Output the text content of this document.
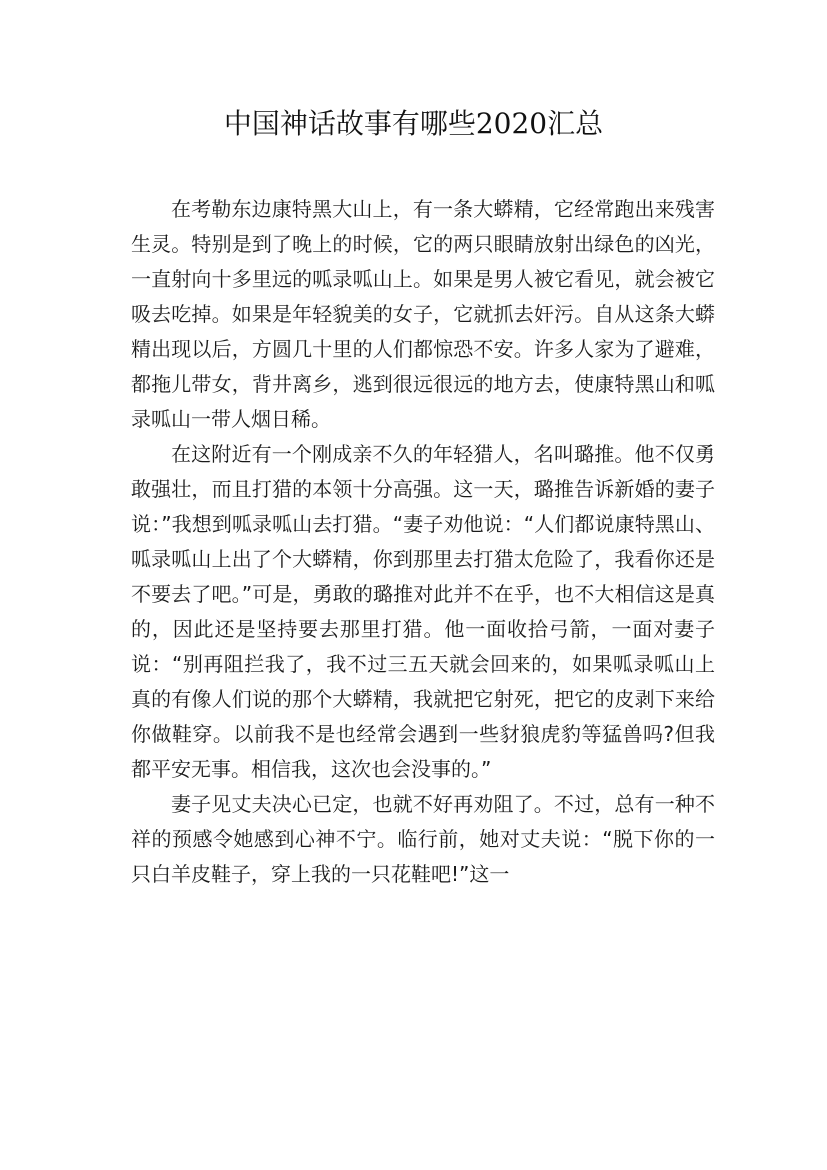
中国神话故事有哪些2020汇总

在考勒东边康特黑大山上，有一条大蟒精，它经常跑出来残害生灵。特别是到了晚上的时候，它的两只眼睛放射出绿色的凶光，一直射向十多里远的呱录呱山上。如果是男人被它看见，就会被它吸去吃掉。如果是年轻貌美的女子，它就抓去奸污。自从这条大蟒精出现以后，方圆几十里的人们都惊恐不安。许多人家为了避难，都拖儿带女，背井离乡，逃到很远很远的地方去，使康特黑山和呱录呱山一带人烟日稀。

在这附近有一个刚成亲不久的年轻猎人，名叫璐推。他不仅勇敢强壮，而且打猎的本领十分高强。这一天，璐推告诉新婚的妻子说：”我想到呱录呱山去打猎。“妻子劝他说：“人们都说康特黑山、呱录呱山上出了个大蟒精，你到那里去打猎太危险了，我看你还是不要去了吧。”可是，勇敢的璐推对此并不在乎，也不大相信这是真的，因此还是坚持要去那里打猎。他一面收拾弓箭，一面对妻子说：“别再阻拦我了，我不过三五天就会回来的，如果呱录呱山上真的有像人们说的那个大蟒精，我就把它射死，把它的皮剥下来给你做鞋穿。以前我不是也经常会遇到一些豺狼虎豹等猛兽吗?但我都平安无事。相信我，这次也会没事的。”

妻子见丈夫决心已定，也就不好再劝阻了。不过，总有一种不祥的预感令她感到心神不宁。临行前，她对丈夫说：“脱下你的一只白羊皮鞋子，穿上我的一只花鞋吧!”这一
